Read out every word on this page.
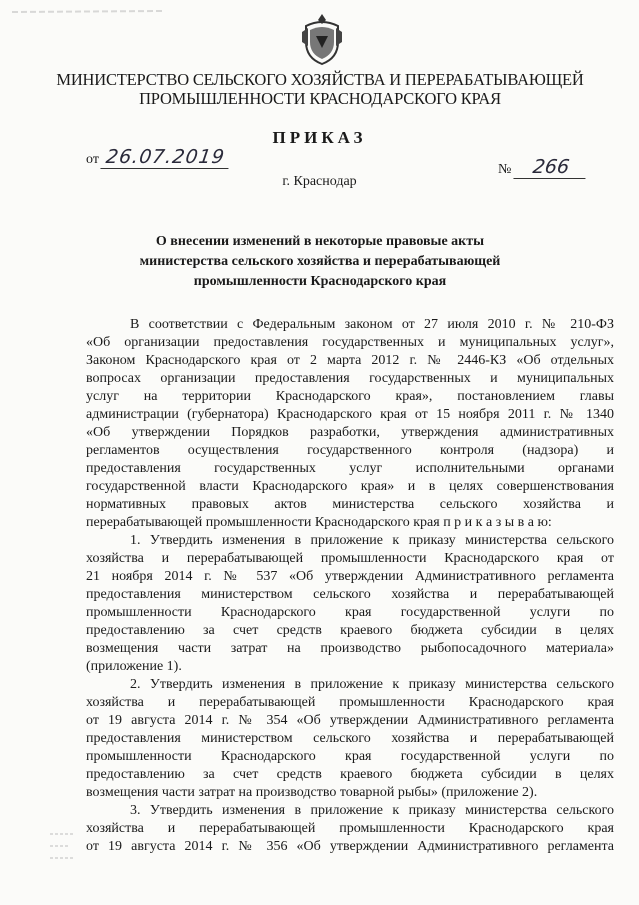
МИНИСТЕРСТВО СЕЛЬСКОГО ХОЗЯЙСТВА И ПЕРЕРАБАТЫВАЮЩЕЙ
ПРОМЫШЛЕННОСТИ КРАСНОДАРСКОГО КРАЯ
ПРИКАЗ
от 26.07.2019
№ 266
г. Краснодар
О внесении изменений в некоторые правовые акты
министерства сельского хозяйства и перерабатывающей
промышленности Краснодарского края
В соответствии с Федеральным законом от 27 июля 2010 г. № 210-ФЗ
«Об организации предоставления государственных и муниципальных услуг»,
Законом Краснодарского края от 2 марта 2012 г. № 2446-КЗ «Об отдельных
вопросах организации предоставления государственных и муниципальных
услуг на территории Краснодарского края», постановлением главы
администрации (губернатора) Краснодарского края от 15 ноября 2011 г. № 1340
«Об утверждении Порядков разработки, утверждения административных
регламентов осуществления государственного контроля (надзора) и
предоставления государственных услуг исполнительными органами
государственной власти Краснодарского края» и в целях совершенствования
нормативных правовых актов министерства сельского хозяйства и
перерабатывающей промышленности Краснодарского края п р и к а з ы в а ю:
1. Утвердить изменения в приложение к приказу министерства сельского
хозяйства и перерабатывающей промышленности Краснодарского края от
21 ноября 2014 г. № 537 «Об утверждении Административного регламента
предоставления министерством сельского хозяйства и перерабатывающей
промышленности Краснодарского края государственной услуги по
предоставлению за счет средств краевого бюджета субсидии в целях
возмещения части затрат на производство рыбопосадочного материала»
(приложение 1).
2. Утвердить изменения в приложение к приказу министерства сельского
хозяйства и перерабатывающей промышленности Краснодарского края
от 19 августа 2014 г. № 354 «Об утверждении Административного регламента
предоставления министерством сельского хозяйства и перерабатывающей
промышленности Краснодарского края государственной услуги по
предоставлению за счет средств краевого бюджета субсидии в целях
возмещения части затрат на производство товарной рыбы» (приложение 2).
3. Утвердить изменения в приложение к приказу министерства сельского
хозяйства и перерабатывающей промышленности Краснодарского края
от 19 августа 2014 г. № 356 «Об утверждении Административного регламента
